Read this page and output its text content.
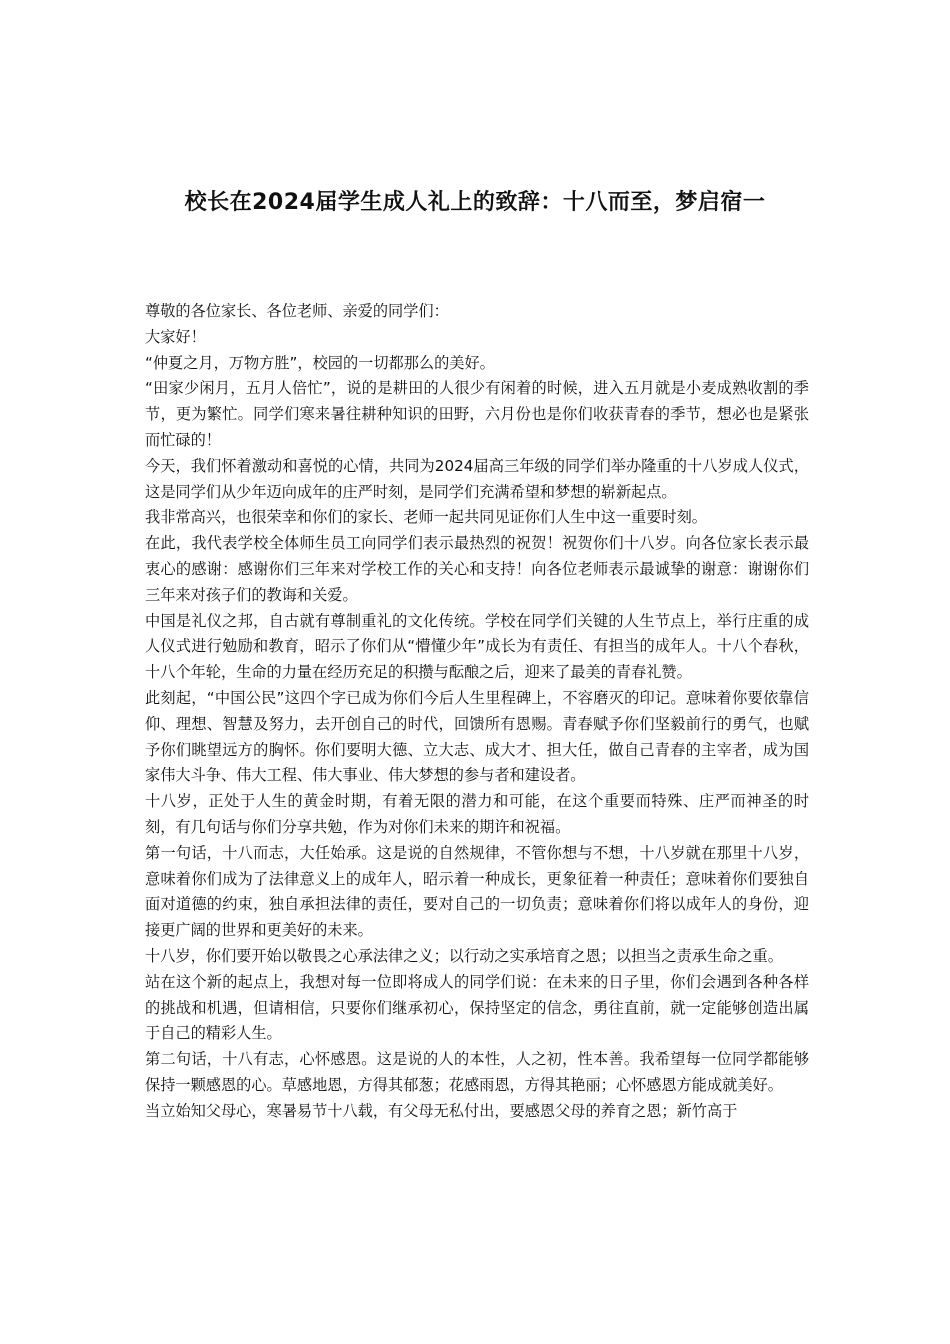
校长在2024届学生成人礼上的致辞：十八而至，梦启宿一

尊敬的各位家长、各位老师、亲爱的同学们：

大家好！

“仲夏之月，万物方胜”，校园的一切都那么的美好。

“田家少闲月，五月人倍忙”，说的是耕田的人很少有闲着的时候，进入五月就是小麦成熟收割的季节，更为繁忙。同学们寒来暑往耕种知识的田野，六月份也是你们收获青春的季节，想必也是紧张而忙碌的！

今天，我们怀着激动和喜悦的心情，共同为2024届高三年级的同学们举办隆重的十八岁成人仪式，这是同学们从少年迈向成年的庄严时刻，是同学们充满希望和梦想的崭新起点。

我非常高兴，也很荣幸和你们的家长、老师一起共同见证你们人生中这一重要时刻。

在此，我代表学校全体师生员工向同学们表示最热烈的祝贺！祝贺你们十八岁。向各位家长表示最衷心的感谢：感谢你们三年来对学校工作的关心和支持！向各位老师表示最诚挚的谢意：谢谢你们三年来对孩子们的教诲和关爱。

中国是礼仪之邦，自古就有尊制重礼的文化传统。学校在同学们关键的人生节点上，举行庄重的成人仪式进行勉励和教育，昭示了你们从“懵懂少年”成长为有责任、有担当的成年人。十八个春秋，十八个年轮，生命的力量在经历充足的积攒与酝酿之后，迎来了最美的青春礼赞。

此刻起，“中国公民”这四个字已成为你们今后人生里程碑上，不容磨灭的印记。意味着你要依靠信仰、理想、智慧及努力，去开创自己的时代，回馈所有恩赐。青春赋予你们坚毅前行的勇气，也赋予你们眺望远方的胸怀。你们要明大德、立大志、成大才、担大任，做自己青春的主宰者，成为国家伟大斗争、伟大工程、伟大事业、伟大梦想的参与者和建设者。

十八岁，正处于人生的黄金时期，有着无限的潜力和可能，在这个重要而特殊、庄严而神圣的时刻，有几句话与你们分享共勉，作为对你们未来的期许和祝福。

第一句话，十八而志，大任始承。这是说的自然规律，不管你想与不想，十八岁就在那里十八岁，意味着你们成为了法律意义上的成年人，昭示着一种成长，更象征着一种责任；意味着你们要独自面对道德的约束，独自承担法律的责任，要对自己的一切负责；意味着你们将以成年人的身份，迎接更广阔的世界和更美好的未来。

十八岁，你们要开始以敬畏之心承法律之义；以行动之实承培育之恩；以担当之责承生命之重。

站在这个新的起点上，我想对每一位即将成人的同学们说：在未来的日子里，你们会遇到各种各样的挑战和机遇，但请相信，只要你们继承初心，保持坚定的信念，勇往直前，就一定能够创造出属于自己的精彩人生。

第二句话，十八有志，心怀感恩。这是说的人的本性，人之初，性本善。我希望每一位同学都能够保持一颗感恩的心。草感地恩，方得其郁葱；花感雨恩，方得其艳丽；心怀感恩方能成就美好。

当立始知父母心，寒暑易节十八载，有父母无私付出，要感恩父母的养育之恩；新竹高于
